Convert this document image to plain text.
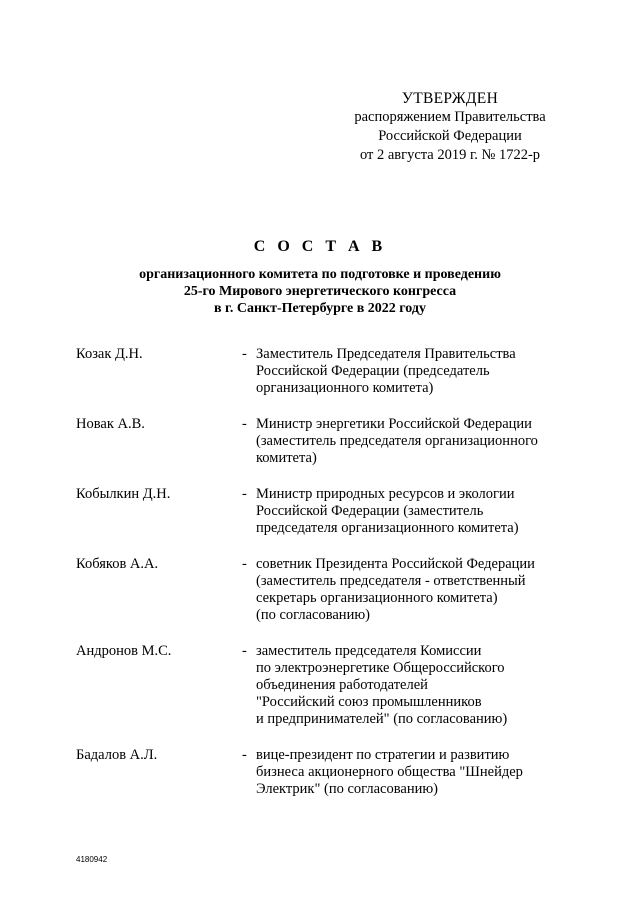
УТВЕРЖДЕН
распоряжением Правительства
Российской Федерации
от 2 августа 2019 г. № 1722-р
С О С Т А В
организационного комитета по подготовке и проведению
25-го Мирового энергетического конгресса
в г. Санкт-Петербурге в 2022 году
Козак Д.Н.	- Заместитель Председателя Правительства
Российской Федерации (председатель
организационного комитета)
Новак А.В.	- Министр энергетики Российской Федерации
(заместитель председателя организационного
комитета)
Кобылкин Д.Н.	- Министр природных ресурсов и экологии
Российской Федерации (заместитель
председателя организационного комитета)
Кобяков А.А.	- советник Президента Российской Федерации
(заместитель председателя - ответственный
секретарь организационного комитета)
(по согласованию)
Андронов М.С.	- заместитель председателя Комиссии
по электроэнергетике Общероссийского
объединения работодателей
"Российский союз промышленников
и предпринимателей" (по согласованию)
Бадалов А.Л.	- вице-президент по стратегии и развитию
бизнеса акционерного общества "Шнейдер
Электрик" (по согласованию)
4180942
